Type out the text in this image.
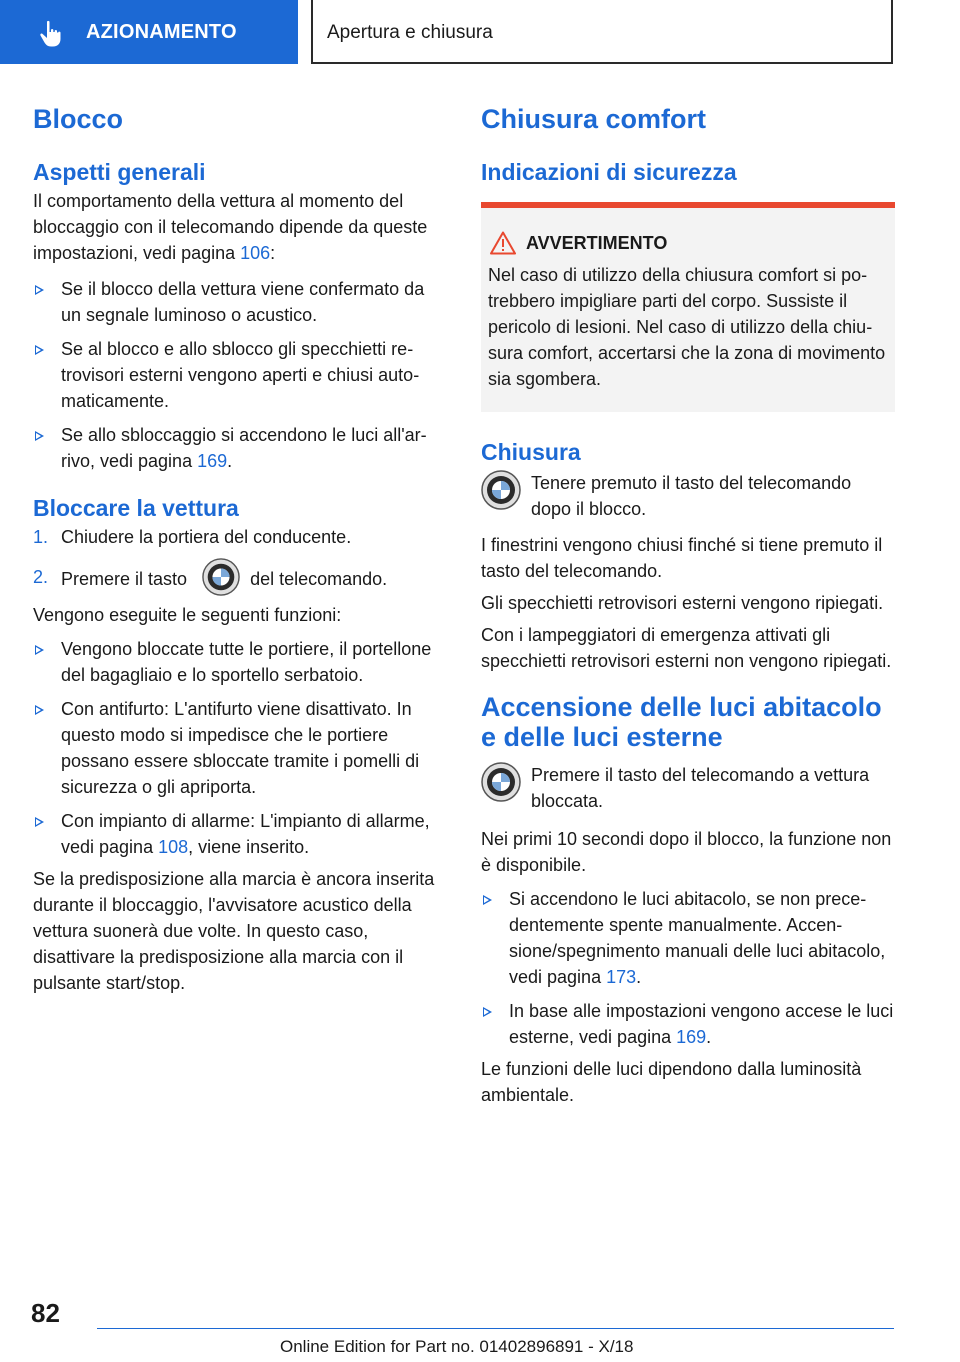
AZIONAMENTO	Apertura e chiusura
Blocco
Aspetti generali

Il comportamento della vettura al momento del bloccaggio con il telecomando dipende da queste impostazioni, vedi pagina 106:

Se il blocco della vettura viene confermato da un segnale luminoso o acustico.
Se al blocco e allo sblocco gli specchietti retrovisori esterni vengono aperti e chiusi automaticamente.
Se allo sbloccaggio si accendono le luci all'arrivo, vedi pagina 169.
Bloccare la vettura
1. Chiudere la portiera del conducente.
2. Premere il tasto	del telecomando.

Vengono eseguite le seguenti funzioni:

Vengono bloccate tutte le portiere, il portellone del bagagliaio e lo sportello serbatoio.
Con antifurto: L'antifurto viene disattivato. In questo modo si impedisce che le portiere possano essere sbloccate tramite i pomelli di sicurezza o gli apriporta.
Con impianto di allarme: L'impianto di allarme, vedi pagina 108, viene inserito.

Se la predisposizione alla marcia è ancora inserita durante il bloccaggio, l'avvisatore acustico della vettura suonerà due volte. In questo caso, disattivare la predisposizione alla marcia con il pulsante start/stop.

Chiusura comfort
Indicazioni di sicurezza
AVVERTIMENTO

Nel caso di utilizzo della chiusura comfort si potrebbero impigliare parti del corpo. Sussiste il pericolo di lesioni. Nel caso di utilizzo della chiusura comfort, accertarsi che la zona di movimento sia sgombera.

Chiusura

Tenere premuto il tasto del telecomando dopo il blocco.

I finestrini vengono chiusi finché si tiene premuto il tasto del telecomando.

Gli specchietti retrovisori esterni vengono ripiegati.

Con i lampeggiatori di emergenza attivati gli specchietti retrovisori esterni non vengono ripiegati.

Accensione delle luci abitacolo e delle luci esterne

Premere il tasto del telecomando a vettura bloccata.

Nei primi 10 secondi dopo il blocco, la funzione non è disponibile.

Si accendono le luci abitacolo, se non precedentemente spente manualmente. Accensione/spegnimento manuali delle luci abitacolo, vedi pagina 173.
In base alle impostazioni vengono accese le luci esterne, vedi pagina 169.

Le funzioni delle luci dipendono dalla luminosità ambientale.

82
Online Edition for Part no. 01402896891 - X/18
